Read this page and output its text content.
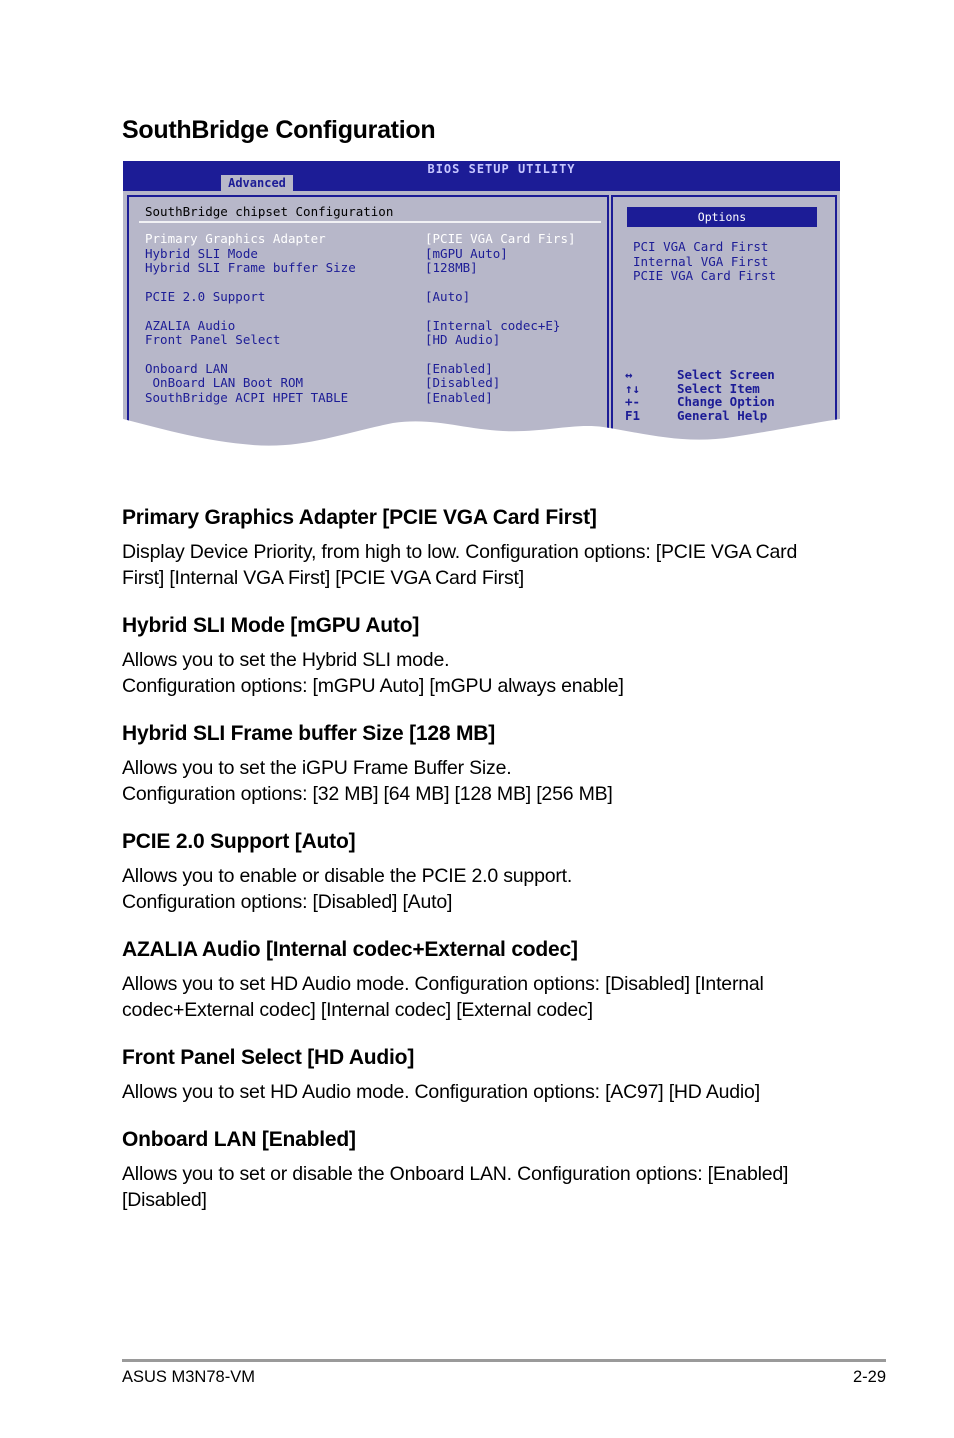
SouthBridge Configuration
BIOS SETUP UTILITY
Advanced
SouthBridge chipset Configuration
Primary Graphics Adapter	[PCIE VGA Card Firs]
Hybrid SLI Mode	[mGPU Auto]
Hybrid SLI Frame buffer Size	[128MB]
PCIE 2.0 Support	[Auto]
AZALIA Audio	[Internal codec+E}
Front Panel Select	[HD Audio]
Onboard LAN	[Enabled]
OnBoard LAN Boot ROM	[Disabled]
SouthBridge ACPI HPET TABLE	[Enabled]
Options
PCI VGA Card First
Internal VGA First
PCIE VGA Card First
↔	Select Screen
↑↓	Select Item
+-	Change Option
F1	General Help
Primary Graphics Adapter [PCIE VGA Card First]

Display Device Priority, from high to low. Configuration options: [PCIE VGA Card First] [Internal VGA First] [PCIE VGA Card First]

Hybrid SLI Mode [mGPU Auto]

Allows you to set the Hybrid SLI mode.

Configuration options: [mGPU Auto] [mGPU always enable]

Hybrid SLI Frame buffer Size [128 MB]

Allows you to set the iGPU Frame Buffer Size.

Configuration options: [32 MB] [64 MB] [128 MB] [256 MB]

PCIE 2.0 Support [Auto]

Allows you to enable or disable the PCIE 2.0 support.

Configuration options: [Disabled] [Auto]

AZALIA Audio [Internal codec+External codec]

Allows you to set HD Audio mode. Configuration options: [Disabled] [Internal codec+External codec] [Internal codec] [External codec]

Front Panel Select [HD Audio]

Allows you to set HD Audio mode. Configuration options: [AC97] [HD Audio]

Onboard LAN [Enabled]

Allows you to set or disable the Onboard LAN. Configuration options: [Enabled] [Disabled]

ASUS M3N78-VM	2-29
